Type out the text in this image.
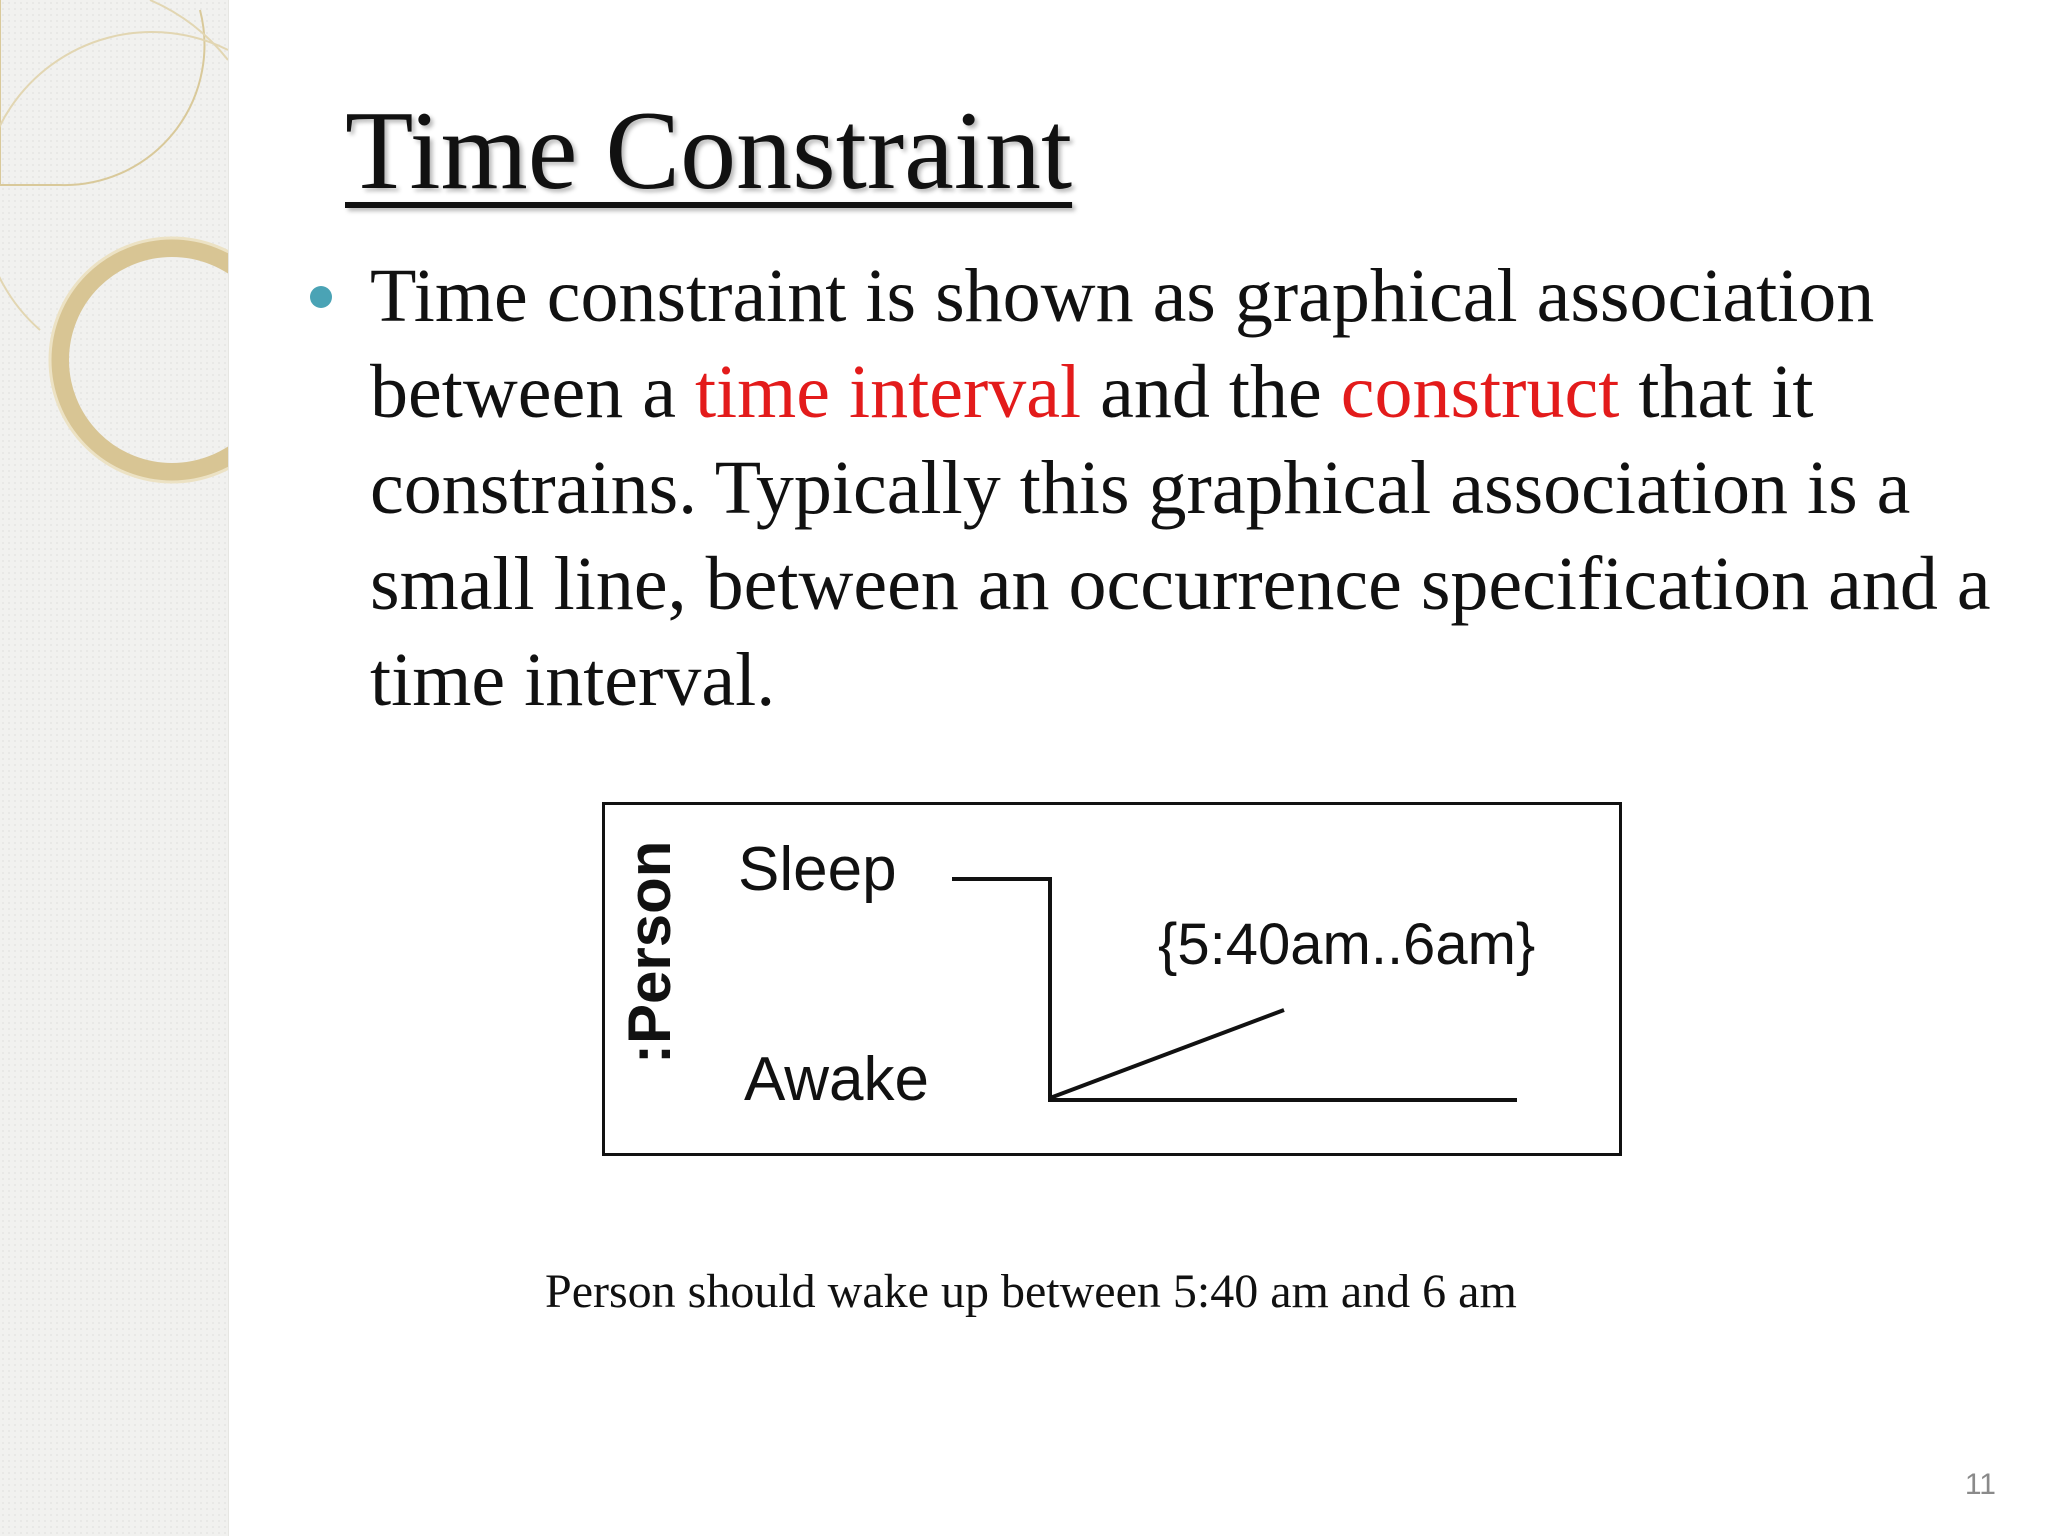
Time Constraint
Time constraint is shown as graphical association between a time interval and the construct that it constrains. Typically this graphical association is a small line, between an occurrence specification and a time interval.
:Person Sleep
Awake
{5:40am..6am}
Person should wake up between 5:40 am and 6 am
11
